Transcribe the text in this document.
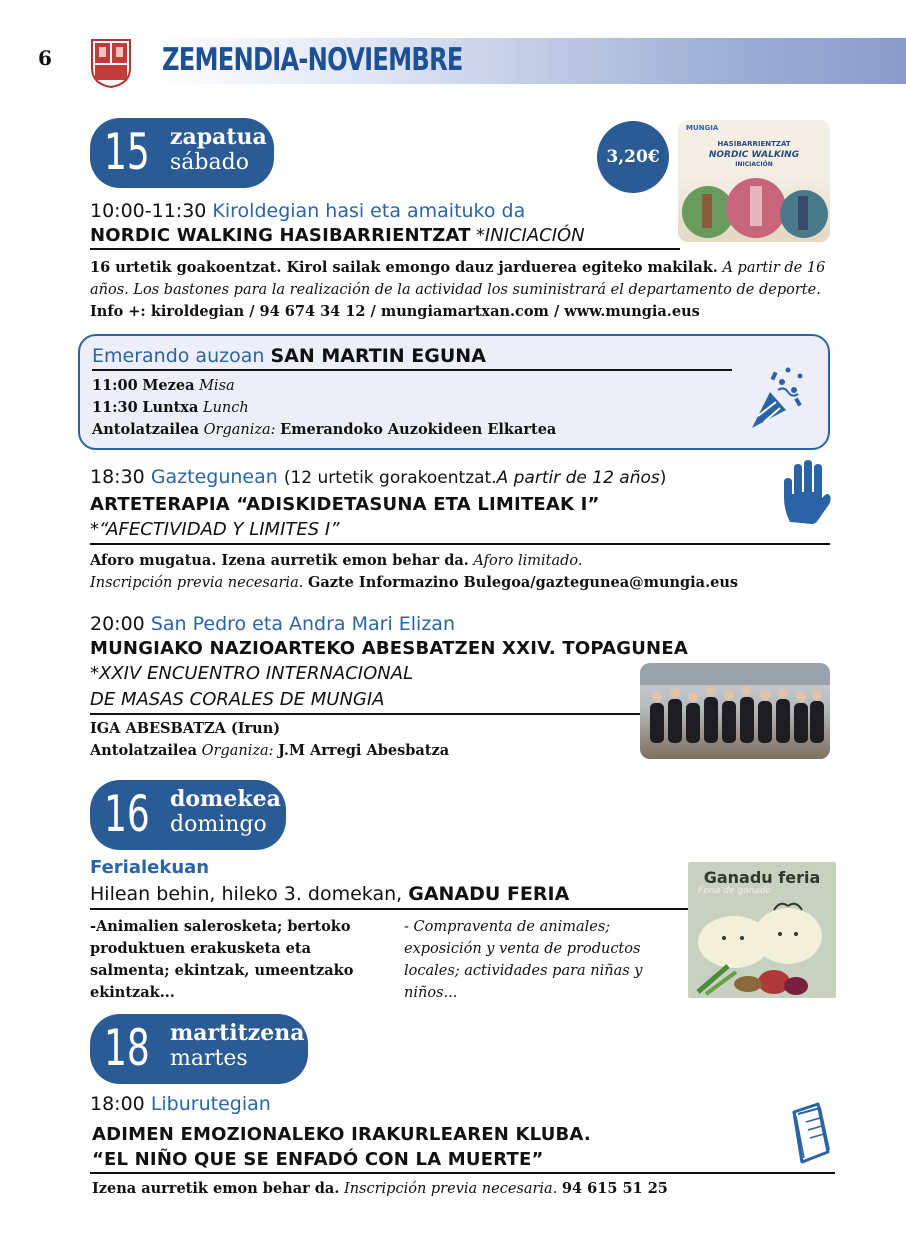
6	ZEMENDIA-NOVIEMBRE
15 zapatua
sábado	3,20€
MUNGIA
HASIBARRIENTZAT
NORDIC WALKING
INICIACIÓN
10:00-11:30 Kiroldegian hasi eta amaituko da
NORDIC WALKING HASIBARRIENTZAT *INICIACIÓN
16 urtetik goakoentzat. Kirol sailak emongo dauz jarduerea egiteko makilak. A partir de 16
años. Los bastones para la realización de la actividad los suministrará el departamento de deporte.
Info +: kiroldegian / 94 674 34 12 / mungiamartxan.com / www.mungia.eus
Emerando auzoan SAN MARTIN EGUNA
11:00 Mezea Misa
11:30 Luntxa Lunch
Antolatzailea Organiza: Emerandoko Auzokideen Elkartea
18:30 Gaztegunean (12 urtetik gorakoentzat.A partir de 12 años)
ARTETERAPIA “ADISKIDETASUNA ETA LIMITEAK I”
*“AFECTIVIDAD Y LIMITES I”
Aforo mugatua. Izena aurretik emon behar da. Aforo limitado.
Inscripción previa necesaria. Gazte Informazino Bulegoa/gaztegunea@mungia.eus
20:00 San Pedro eta Andra Mari Elizan
MUNGIAKO NAZIOARTEKO ABESBATZEN XXIV. TOPAGUNEA
*XXIV ENCUENTRO INTERNACIONAL
DE MASAS CORALES DE MUNGIA
IGA ABESBATZA (Irun)
Antolatzailea Organiza: J.M Arregi Abesbatza
16 domekea
domingo
Ferialekuan
Hilean behin, hileko 3. domekan, GANADU FERIA
-Animalien salerosketa; bertoko produktuen erakusketa eta salmenta; ekintzak, umeentzako ekintzak...
- Compraventa de animales; exposición y venta de productos locales; actividades para niñas y niños...
Ganadu feria
Feria de ganado
18 martitzena
martes
18:00 Liburutegian
ADIMEN EMOZIONALEKO IRAKURLEAREN KLUBA.
“EL NIÑO QUE SE ENFADÓ CON LA MUERTE”
Izena aurretik emon behar da. Inscripción previa necesaria. 94 615 51 25
